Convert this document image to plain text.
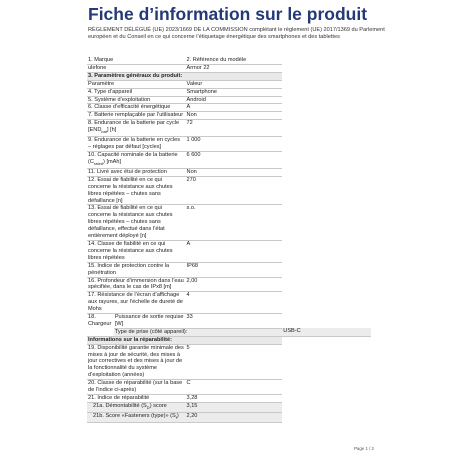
Fiche d’information sur le produit
RÈGLEMENT DÉLÉGUÉ (UE) 2023/1669 DE LA COMMISSION complétant le règlement (UE) 2017/1369 du Parlement européen et du Conseil en ce qui concerne l’étiquetage énergétique des smartphones et des tablettes
1. Marque		2. Référence du modèle	
ulefone		Armor 22	
3. Paramètres généraux du produit:			
Paramètre		Valeur	
4. Type d’appareil		Smartphone	
5. Système d’exploitation		Android	
6. Classe d’efficacité énergétique		A	
7. Batterie remplaçable par l’utilisateur		Non	
8. Endurance de la batterie par cycle $[END_{bat}]$ [h]		72	
9. Endurance de la batterie en cycles – réglages par défaut [cycles]		1 000	
10. Capacité nominale de la batterie $(C_{rated})$ [mAh]		6 600	
11. Livré avec étui de protection		Non	
12. Essai de fiabilité en ce qui concerne la résistance aux chutes libres répétées – chutes sans défaillance [n]		270	
13. Essai de fiabilité en ce qui concerne la résistance aux chutes libres répétées – chutes sans défaillance, effectué dans l’état entièrement déployé [n]		s.o.	
14. Classe de fiabilité en ce qui concerne la résistance aux chutes libres répétées		A	
15. Indice de protection contre la pénétration		IP68	
16. Profondeur d’immersion dans l’eau spécifiée, dans le cas de IPx8 [m]		2,00	
17. Résistance de l’écran d’affichage aux rayures, sur l’échelle de dureté de Mohs		4	
18. Chargeur	Puissance de sortie requise [W]	33	
	Type de prise (côté appareil):		USB-C
Informations sur la réparabilité:			
19. Disponibilité garantie minimale des mises à jour de sécurité, des mises à jour correctives et des mises à jour de la fonctionnalité du système d’exploitation (années)		5	
20. Classe de réparabilité (sur la base de l’indice ci-après)		C	
21. Indice de réparabilité		3,28	
21a. Démontabilité $(S_D)$ score		3,15	
21b. Score «Fasteners (type)» $(S_f)$		2,20	
Page 1 / 2
